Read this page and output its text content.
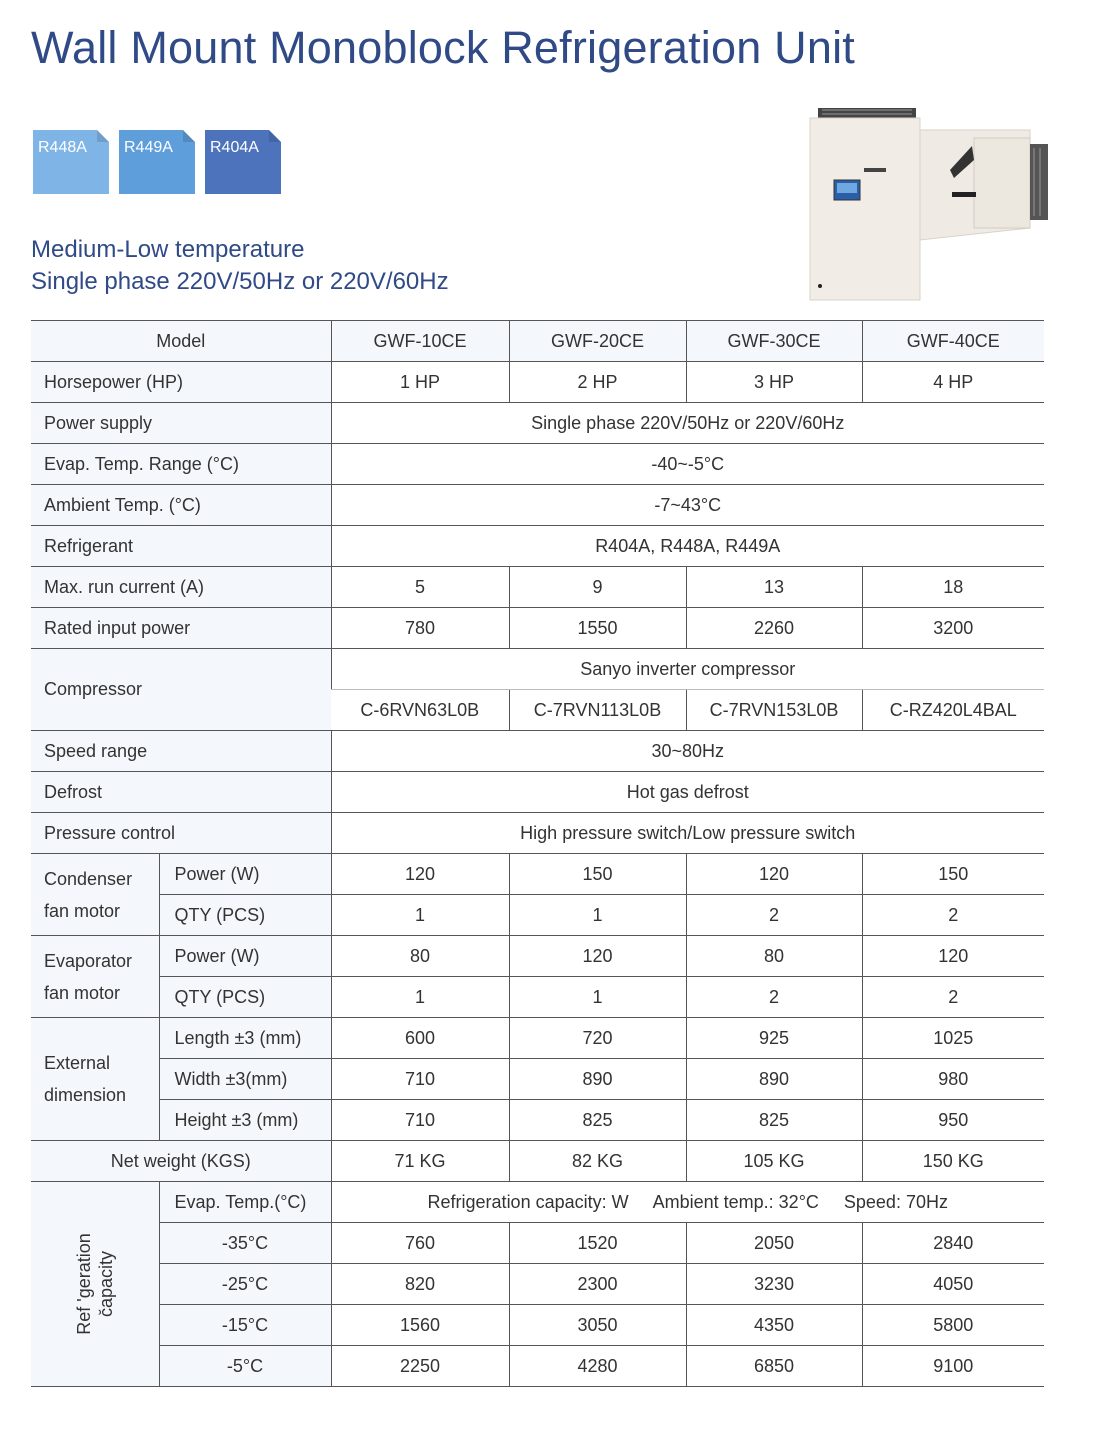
Wall Mount Monoblock Refrigeration Unit
R448A	R449A	R404A
Medium-Low temperature
Single phase 220V/50Hz or 220V/60Hz
Model		GWF-10CE	GWF-20CE	GWF-30CE	GWF-40CE
Horsepower (HP)		1 HP	2 HP	3 HP	4 HP
Power supply		Single phase 220V/50Hz or 220V/60Hz			
Evap. Temp. Range (°C)		-40~-5°C			
Ambient Temp. (°C)		-7~43°C			
Refrigerant		R404A, R448A, R449A			
Max. run current (A)		5	9	13	18
Rated input power		780	1550	2260	3200
Compressor		Sanyo inverter compressor			
		C-6RVN63L0B	C-7RVN113L0B	C-7RVN153L0B	C-RZ420L4BAL
Speed range		30~80Hz			
Defrost		Hot gas defrost			
Pressure control		High pressure switch/Low pressure switch			
Condenser
fan motor	Power (W)	120	150	120	150
	QTY (PCS)	1	1	2	2
Evaporator
fan motor	Power (W)	80	120	80	120
	QTY (PCS)	1	1	2	2
External
dimension	Length ±3 (mm)	600	720	925	1025
	Width ±3(mm)	710	890	890	980
	Height ±3 (mm)	710	825	825	950
Net weight (KGS)		71 KG	82 KG	105 KG	150 KG
Ref 'geration c̆apacity	Evap. Temp.(°C)	Refrigeration capacity: W     Ambient temp.: 32°C     Speed: 70Hz			
	-35°C	760	1520	2050	2840
	-25°C	820	2300	3230	4050
	-15°C	1560	3050	4350	5800
	-5°C	2250	4280	6850	9100
